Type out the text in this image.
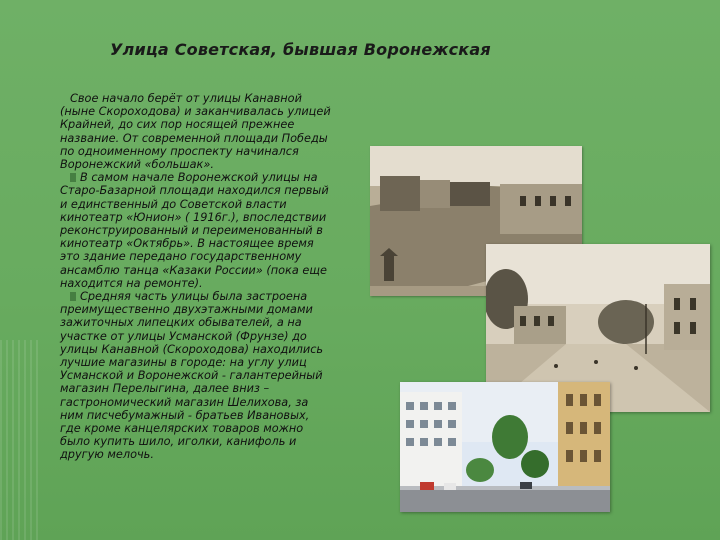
Улица Советская, бывшая Воронежская

Свое начало берёт от улицы Канавной (ныне Скороходова) и заканчивалась улицей Крайней, до сих пор носящей прежнее название. От современной площади Победы по одноименному проспекту начинался Воронежский «большак».

В самом начале Воронежской улицы на Старо-Базарной площади находился первый и единственный до Советской власти кинотеатр «Юнион» ( 1916г.), впоследствии реконструированный и переименованный в кинотеатр «Октябрь». В настоящее время это здание передано государственному ансамблю танца «Казаки России» (пока еще находится на ремонте).

Средняя часть улицы была застроена преимущественно двухэтажными домами зажиточных липецких обывателей, а на участке от улицы Усманской (Фрунзе) до улицы Канавной (Скороходова) находились лучшие магазины в городе: на углу улиц Усманской и Воронежской - галантерейный магазин Перелыгина, далее вниз – гастрономический магазин Шелихова, за ним писчебумажный - братьев Ивановых, где кроме канцелярских товаров можно было купить шило, иголки, канифоль и другую мелочь.
